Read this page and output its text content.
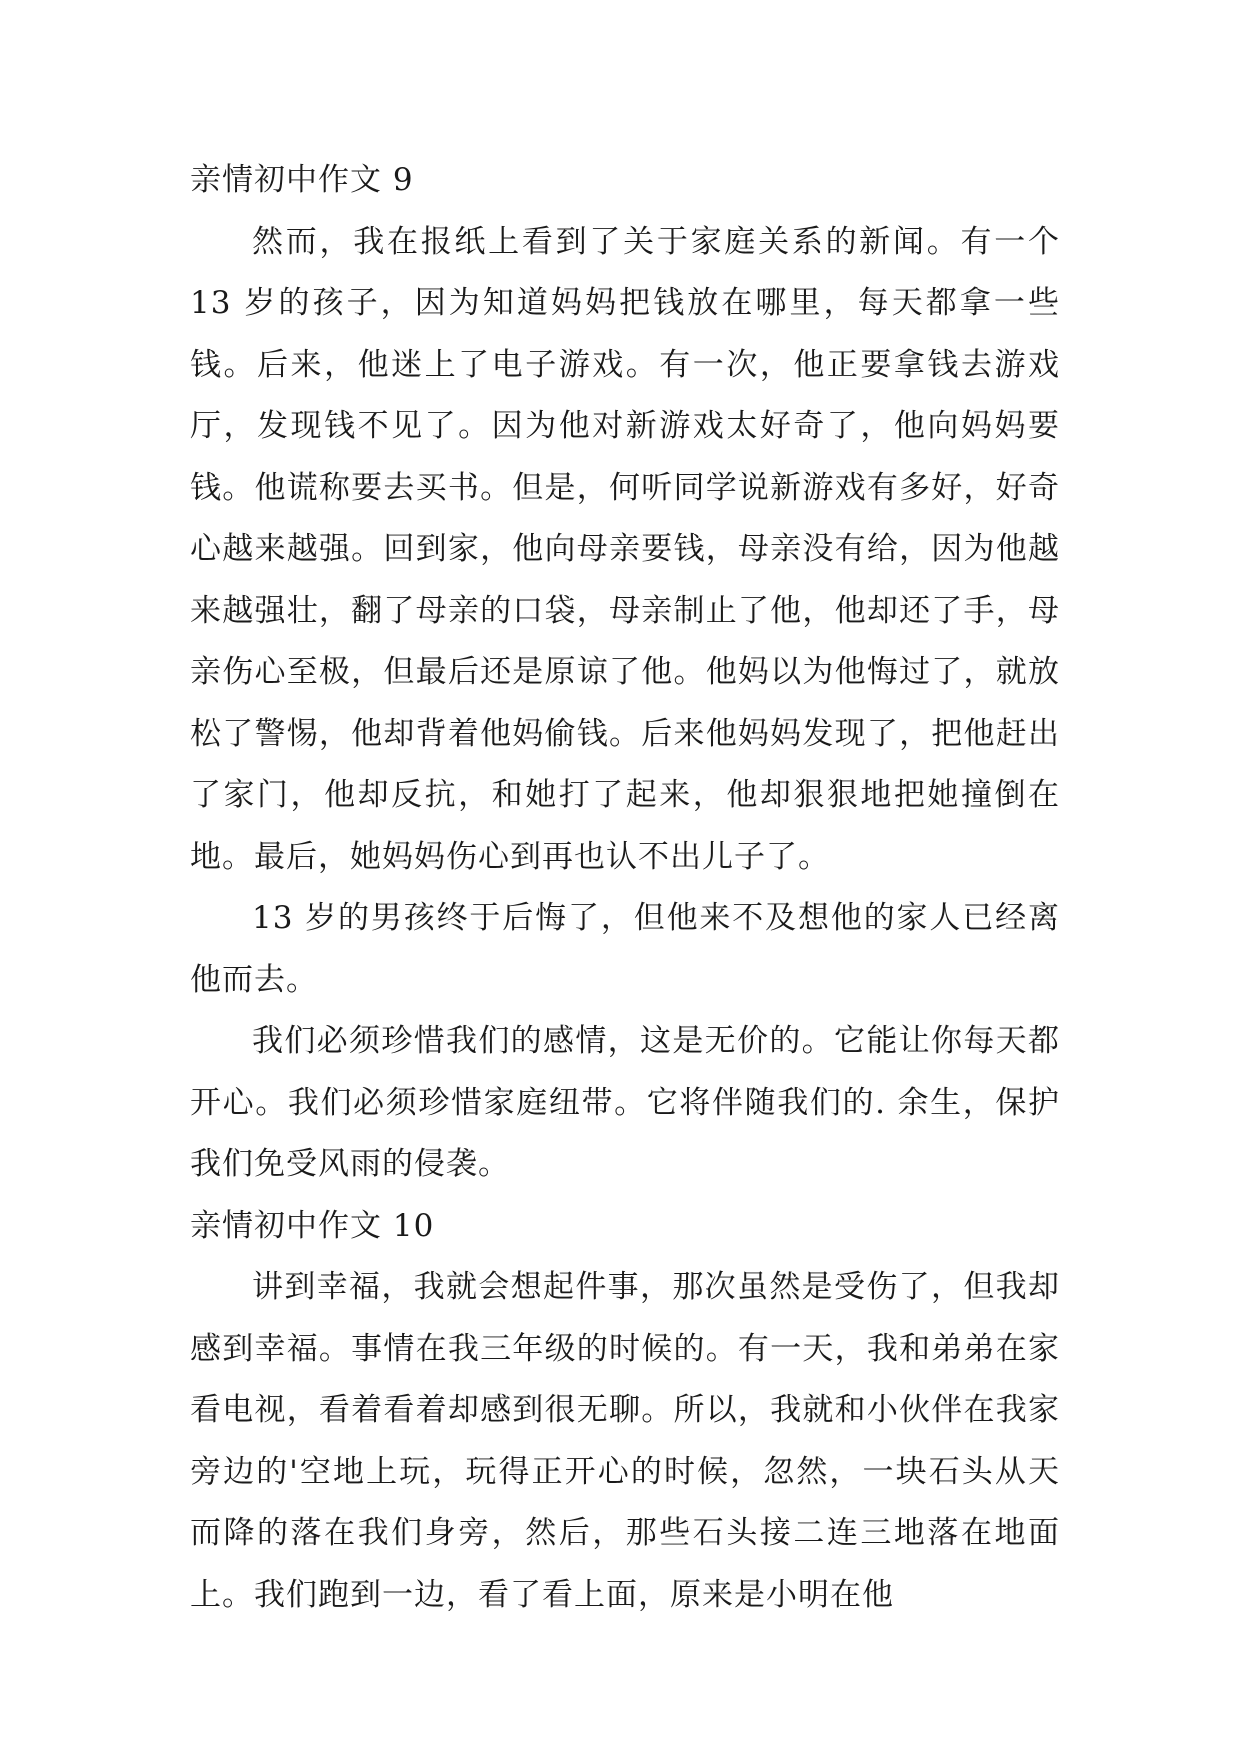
亲情初中作文 9

然而，我在报纸上看到了关于家庭关系的新闻。有一个 13 岁的孩子，因为知道妈妈把钱放在哪里，每天都拿一些钱。后来，他迷上了电子游戏。有一次，他正要拿钱去游戏厅，发现钱不见了。因为他对新游戏太好奇了，他向妈妈要钱。他谎称要去买书。但是，何听同学说新游戏有多好，好奇心越来越强。回到家，他向母亲要钱，母亲没有给，因为他越来越强壮，翻了母亲的口袋，母亲制止了他，他却还了手，母亲伤心至极，但最后还是原谅了他。他妈以为他悔过了，就放松了警惕，他却背着他妈偷钱。后来他妈妈发现了，把他赶出了家门，他却反抗，和她打了起来，他却狠狠地把她撞倒在地。最后，她妈妈伤心到再也认不出儿子了。

13 岁的男孩终于后悔了，但他来不及想他的家人已经离他而去。

我们必须珍惜我们的感情，这是无价的。它能让你每天都开心。我们必须珍惜家庭纽带。它将伴随我们的. 余生，保护我们免受风雨的侵袭。

亲情初中作文 10

讲到幸福，我就会想起件事，那次虽然是受伤了，但我却感到幸福。事情在我三年级的时候的。有一天，我和弟弟在家看电视，看着看着却感到很无聊。所以，我就和小伙伴在我家旁边的'空地上玩，玩得正开心的时候，忽然，一块石头从天而降的落在我们身旁，然后，那些石头接二连三地落在地面上。我们跑到一边，看了看上面，原来是小明在他
